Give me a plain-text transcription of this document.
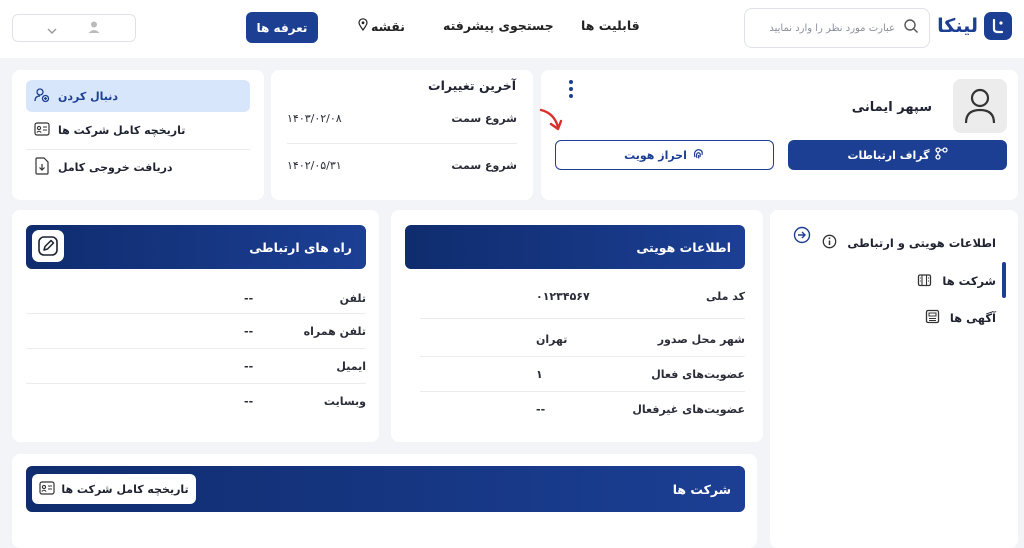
لینکا
عبارت مورد نظر را وارد نمایید
قابلیت ها
جستجوی پیشرفته
نقشه
تعرفه ها
سپهر ایمانی
گراف ارتباطات
احراز هویت
آخرین تغییرات
۱۴۰۳/۰۲/۰۸	شروع سمت
۱۴۰۲/۰۵/۳۱	شروع سمت
دنبال کردن
تاریخچه کامل شرکت ها
دریافت خروجی کامل
اطلاعات هویتی و ارتباطی
شرکت ها
آگهی ها
اطلاعات هویتی
کد ملی
۰۱۲۳۴۵۶۷
شهر محل صدور
تهران
عضویت‌های فعال
۱
عضویت‌های غیرفعال
--
راه های ارتباطی
تلفن
--
تلفن همراه
--
ایمیل
--
وبسایت
--
شرکت ها
تاریخچه کامل شرکت ها
